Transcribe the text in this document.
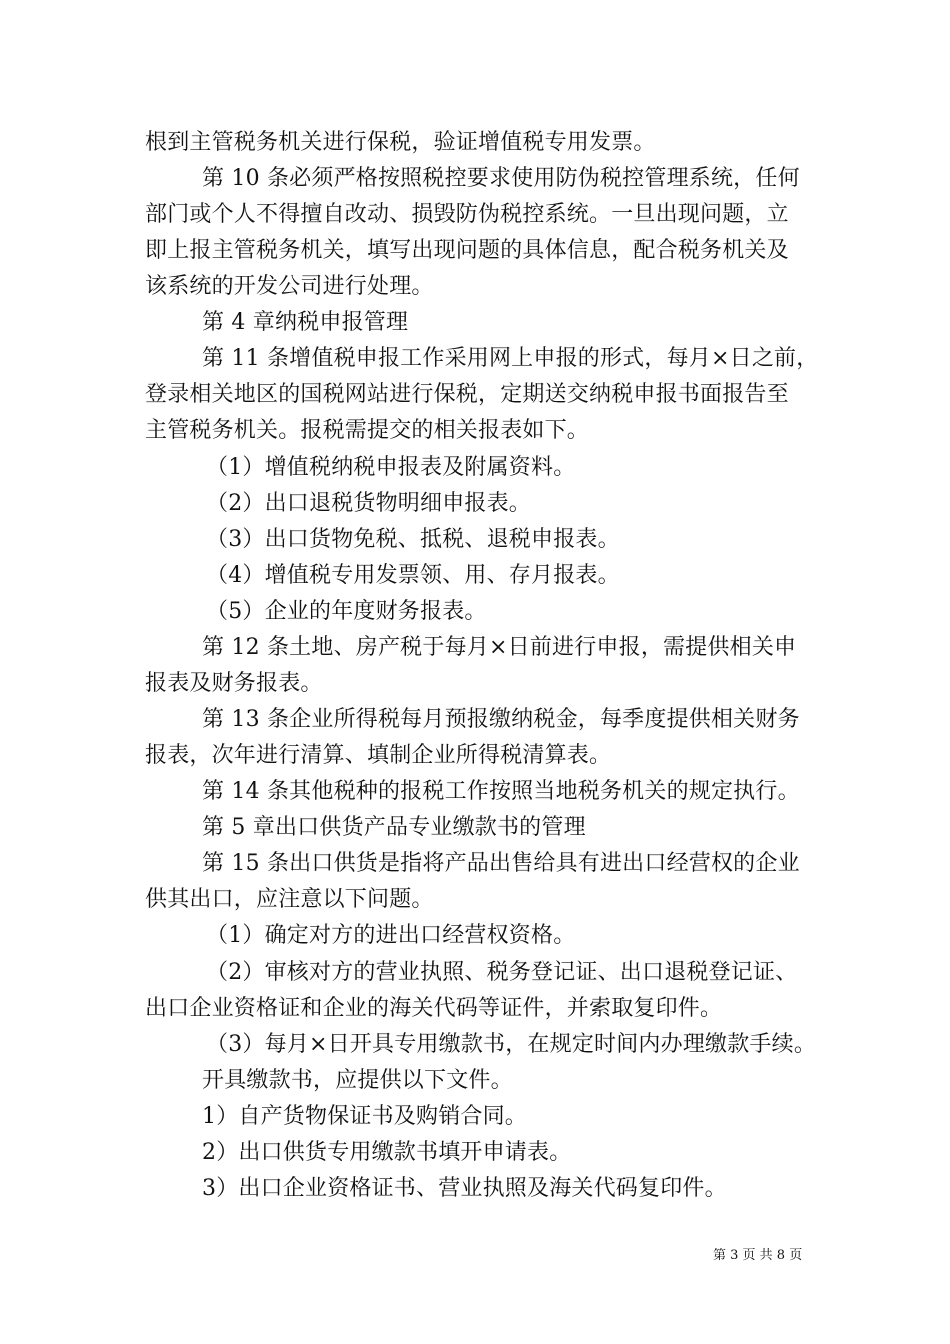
根到主管税务机关进行保税，验证增值税专用发票。
第 10 条必须严格按照税控要求使用防伪税控管理系统，任何
部门或个人不得擅自改动、损毁防伪税控系统。一旦出现问题，立
即上报主管税务机关，填写出现问题的具体信息，配合税务机关及
该系统的开发公司进行处理。
第 4 章纳税申报管理
第 11 条增值税申报工作采用网上申报的形式，每月×日之前，
登录相关地区的国税网站进行保税，定期送交纳税申报书面报告至
主管税务机关。报税需提交的相关报表如下。
（1）增值税纳税申报表及附属资料。
（2）出口退税货物明细申报表。
（3）出口货物免税、抵税、退税申报表。
（4）增值税专用发票领、用、存月报表。
（5）企业的年度财务报表。
第 12 条土地、房产税于每月×日前进行申报，需提供相关申
报表及财务报表。
第 13 条企业所得税每月预报缴纳税金，每季度提供相关财务
报表，次年进行清算、填制企业所得税清算表。
第 14 条其他税种的报税工作按照当地税务机关的规定执行。
第 5 章出口供货产品专业缴款书的管理
第 15 条出口供货是指将产品出售给具有进出口经营权的企业
供其出口，应注意以下问题。
（1）确定对方的进出口经营权资格。
（2）审核对方的营业执照、税务登记证、出口退税登记证、
出口企业资格证和企业的海关代码等证件，并索取复印件。
（3）每月×日开具专用缴款书，在规定时间内办理缴款手续。
开具缴款书，应提供以下文件。
1）自产货物保证书及购销合同。
2）出口供货专用缴款书填开申请表。
3）出口企业资格证书、营业执照及海关代码复印件。
第 3 页 共 8 页
